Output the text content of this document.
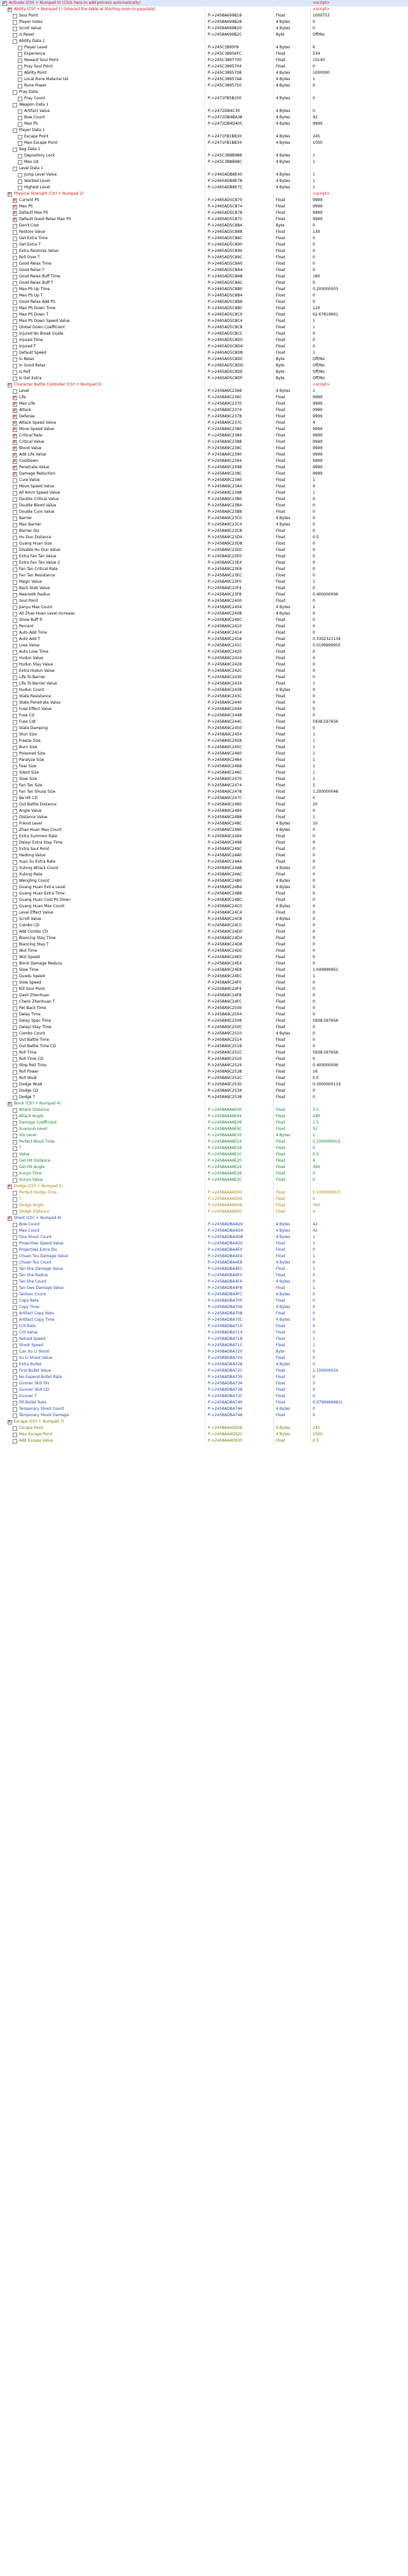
✕
Activate (Ctrl + Numpad 0) (Click here to add process automatically)	<script>
✕
Ability (Ctrl + Numpad 1) (Interact the table at Starting room to populate)	<script>
Soul Point	P->2458A699B18	Float	1000753
Player Index	P->2458A699B28	4 Bytes	0
Scroll Value	P->2458A699B20	4 Bytes	0
Is Reset	P->2458A699B2C	Byte	Off/No
Ability Data 1
Player Level	P->245C3895F8	4 Bytes	6
Experience	P->245C38956FC	Float	534
Reward Soul Point	P->245C3897700	Float	10140
Pray Soul Point	P->245C3895704	Float	0
Ability Point	P->245C3895708	4 Bytes	1000000
Local Rune Material Ud	P->245C389574A	4 Bytes	1
Rune Power	P->245C3895750	4 Bytes	0
Pray Data
Pray Count	P->2471FB5B200	4 Bytes	0
Weapon Data 1
Artifact Value	P->2472DB4C30	4 Bytes	0
Bow Count	P->2472DB4BA38	4 Bytes	42
Max PS	P->2472DB4D40C	4 Bytes	9999
Player Data 1
Escape Point	P->2471FB1BB30	4 Bytes	245
Max Escape Point	P->2471FB1BB34	4 Bytes	1000
Bag Data 1
Depository Lock	P->245C3B8B988	4 Bytes	1
Max Ud	P->245C3B8B98C	4 Bytes	1
Level Data 1
Jump Level Value	P->2465ADB8E40	4 Bytes	1
Wanted Level	P->2465ADB8E78	4 Bytes	1
Highest Level	P->2465ADB8E7C	4 Bytes	1
✕
Physical Strength (Ctrl + Numpad 2)	<script>
✕
Current PS	P->2465AD5C870	Float	9999
✕
Max PS	P->2465AD5C874	Float	9999
✕
Default Max PS	P->2465AD5C878	Float	9999
✕
Default Good Relax Max PS	P->2465AD5C87C	Float	9999
Don't Cost	P->2465AD5C884	Byte	0
Restore Value	P->2465AD5C888	Float	130
Get Extra Time	P->2465AD5C88C	Float	0
Get Extra T	P->2465AD5C890	Float	0
Extra Restores Value	P->2465AD5C894	Float	0
Roll Over T	P->2465AD5C89C	Float	0
Good Relax Time	P->2465AD5C8A0	Float	0
Good Relax T	P->2465AD5C8A4	Float	0
Good Relax Buff Time	P->2465AD5C8A8	Float	180
Good Relax Buff T	P->2465AD5C8AC	Float	0
Max PS Up Time	P->2465AD5C8B0	Float	0.200000003
Max PS Up T	P->2465AD5C8B4	Float	0
Good Relax Add PS	P->2465AD5C8B8	Float	0
Max PS Down Time	P->2465AD5C8BC	Float	120
Max PS Down T	P->2465AD5C8C0	Float	62.67819901
Max PS Down Speed Value	P->2465AD5C8C4	Float	1
Global Down Coefficient	P->2465AD5C8C8	Float	1
Injured No Break Guide	P->2465AD5C8CC	Float	0
Injured Time	P->2465AD5C8D0	Float	0
Injured T	P->2465AD5C8D4	Float	0
Default Speed	P->2465AD5C8D8	Float	1
In Relax	P->2465AD5C8DC	Byte	Off/No
In Good Relax	P->2465AD5C8DD	Byte	Off/No
Is Roll	P->2465AD5C8DE	Byte	Off/No
Is Get Extra	P->2465AD5C8DF	Byte	Off/No
✕
Character Battle Controller (Ctrl + Numpad 3)	<script>
Level	P->2458A9C2368	4 Bytes	1
✕
Life	P->2458A9C236C	Float	9999
✕
Max Life	P->2458A9C2370	Float	9999
✕
Attack	P->2458A9C2374	Float	9999
✕
Defense	P->2458A9C2378	Float	9999
✕
Attack Speed Value	P->2458A9C237C	Float	4
✕
Move Speed Value	P->2458A9C2380	Float	9999
✕
Critical Rate	P->2458A9C2384	Float	9999
✕
Critical Value	P->2458A9C2388	Float	9999
✕
Blood Value	P->2458A9C238C	Float	9999
✕
Add Life Value	P->2458A9C2390	Float	9999
✕
CoolDown	P->2458A9C2394	Float	9999
✕
Penetrate Value	P->2458A9C2398	Float	9999
✕
Damage Reduction	P->2458A9C239C	Float	9999
Cure Value	P->2458A9C23A0	Float	1
Move Speed Value	P->2458A9C23A4	Float	4
All Amm Speed Value	P->2458A9C23A8	Float	1
Double Critical Value	P->2458A9C23B0	Float	0
Double Blood Value	P->2458A9C23B4	Float	0
Double Cure Value	P->2458A9C23B8	Float	0
Barrier	P->2458A9C23C0	4 Bytes	0
Max Barrier	P->2458A9C23C4	4 Bytes	0
Barrier Dis	P->2458A9C23C8	Float	0
Hu Dun Distance	P->2458A9C23D4	Float	0.5
Guang Huan Size	P->2458A9C23D8	Float	0
Disable Hu Dun Value	P->2458A9C23DC	Float	0
Extra Fan Tan Value	P->2458A9C23E0	Float	0
Extra Fan Tan Value 2	P->2458A9C23E4	Float	0
Fan Tan Critical Rate	P->2458A9C23E8	Float	0
Fan Tan Resistance	P->2458A9C23EC	Float	0
Magic Value	P->2458A9C23F0	Float	1
Back Stab Value	P->2458A9C23F4	Float	0
Nearestk Radius	P->2458A9C23F8	Float	0.400000006
Soul Point	P->2458A9C2400	Float	0
Jianyu Max Count	P->2458A9C2404	4 Bytes	2
All Zhao Huan Level Increase	P->2458A9C2408	4 Bytes	0
Show Buff Tr	P->2458A9C240C	Float	0
Percent	P->2458A9C2410	Float	0
Auto Add Time	P->2458A9C2414	Float	0
Auto Add T	P->2458A9C2418	Float	0.3302321134
Lose Value	P->2458A9C241C	Float	0.0199999955
Auto Lose Time	P->2458A9C2420	Float	0
Hudun Value	P->2458A9C2424	Float	0
Hudun Stay Value	P->2458A9C2428	Float	0
Extra Hudun Value	P->2458A9C242C	Float	0
Life To Barrier	P->2458A9C2430	Float	0
Life To Barrier Value	P->2458A9C2434	Float	1
Hudun Count	P->2458A9C2438	4 Bytes	0
State Resistance	P->2458A9C243C	Float	0
State Penetrate Value	P->2458A9C2440	Float	0
Fuse Effect Value	P->2458A9C2444	Float	0
Fuse Cd	P->2458A9C2448	Float	0
Fuse Cdt	P->2458A9C244C	Float	5938.597656
State Damping	P->2458A9C2450	Float	0
Stun Size	P->2458A9C2454	Float	1
Freeze Size	P->2458A9C2458	Float	1
Burn Size	P->2458A9C245C	Float	1
Poisoned Size	P->2458A9C2460	Float	1
Paralyze Size	P->2458A9C2464	Float	1
Fear Size	P->2458A9C2468	Float	1
Silent Size	P->2458A9C246C	Float	1
Slow Size	P->2458A9C2470	Float	1
Fan Tan Size	P->2458A9C2474	Float	1
Fan Tan Shuiqi Size	P->2458A9C2478	Float	1.200000048
Be Hit CD	P->2458A9C247C	Float	0
Out Battle Distance	P->2458A9C2480	Float	20
Angle Value	P->2458A9C2484	Float	0
Distance Value	P->2458A9C2488	Float	1
Friend Level	P->2458A9C248C	4 Bytes	10
Zhao Huan Max Count	P->2458A9C2490	4 Bytes	0
Extra Summon Rate	P->2458A9C2494	Float	0
Delayi Extra Stay Time	P->2458A9C2498	Float	0
Extra Soul Point	P->2458A9C249C	Float	0
Hedong Value	P->2458A9C24A0	Float	0
Yuan Su Extra Rate	P->2458A9C24A4	Float	0
Xulong Attack Count	P->2458A9C24A8	4 Bytes	0
Xulong Rate	P->2458A9C24AC	Float	0
Wengling Count	P->2458A9C24B0	4 Bytes	0
Guang Huan Extra Level	P->2458A9C24B4	4 Bytes	0
Guang Huan Extra Time	P->2458A9C24B8	Float	0
Guang Huan Cost PS Down	P->2458A9C24BC	Float	0
Guang Huan Max Count	P->2458A9C24C0	4 Bytes	0
Level Effect Value	P->2458A9C24C4	Float	0
Scroll Value	P->2458A9C24C8	4 Bytes	0
Combo CD	P->2458A9C24CC	Float	0
Add Combo CD	P->2458A9C24D0	Float	0
Biancing Stay Time	P->2458A9C24D4	Float	0
Biancing Stay T	P->2458A9C24D8	Float	0
Wut Time	P->2458A9C24DC	Float	0
Wut Speed	P->2458A9C24E0	Float	0
Block Damage Reduce	P->2458A9C24E4	Float	0
Slow Time	P->2458A9C24E8	Float	1.049999952
Guodu Speed	P->2458A9C24EC	Float	1
Slow Speed	P->2458A9C24F0	Float	0
Kill Soul Point	P->2458A9C24F4	Float	0
Dash Zhenhuan	P->2458A9C24F8	Float	0
Check Zhenhuan T	P->2458A9C24FC	Float	0
Pet Back Time	P->2458A9C2500	Float	0
Delay Time	P->2458A9C2504	Float	0
Delay Spec Time	P->2458A9C2508	Float	5938.597656
Delayi Stay Time	P->2458A9C250C	Float	0
Combo Count	P->2458A9C2510	4 Bytes	0
Out Battle Time	P->2458A9C2514	Float	0
Out Battle Time CD	P->2458A9C2518	Float	0
Roll Time	P->2458A9C251C	Float	5938.597656
Roll Time CD	P->2458A9C2520	Float	0
Stop Roll Time	P->2458A9C2524	Float	0.400000006
Roll Power	P->2458A9C2528	Float	16
Roll Wudi	P->2458A9C252C	Float	0.5
Dodge Wudi	P->2458A9C2530	Float	0.3000000119
Dodge CD	P->2458A9C2534	Float	0
Dodge T	P->2458A9C2538	Float	0
✕
Block (Ctrl + Numpad 4)
Attack Distance	P->2458A4A6E00	Float	3.5
Attack Angle	P->2458A4A6E04	Float	240
Damage Coefficient	P->2458A4A6E08	Float	1.5
Xuanyun Level	P->2458A4A6E0C	Float	51
Xio Level	P->2458A4A6E10	4 Bytes	1
Perfect Block Time	P->2458A4A6E14	Float	0.1000000015
T	P->2458A4A6E18	Float	0
Value	P->2458A4A6E1C	Float	0.5
Get Hit Distance	P->2458A4A6E20	Float	4
Get Hit Angle	P->2458A4A6E24	Float	360
Xunyn Time	P->2458A4A6E28	Float	0
Xunyo Value	P->2458A4A6E2C	Float	0
✕
Dodge (Ctrl + Numpad 5)
Perfect Dodge Time	P->2458A4A6D00	Float	0.1000000015
T	P->2458A4A6D04	Float	0
Dodge Angle	P->2458A4A6D08	Float	360
Dodge Distance	P->2458A4A6D0C	Float	4
✕
Shoot (Ctrl + Numpad 6)
Bow Count	P->2458ADBA4D0	4 Bytes	42
Max Count	P->2458ADBA4D4	4 Bytes	42
One Shoot Count	P->2458ADBA4D8	4 Bytes	1
Projectiles Speed Value	P->2458ADBA4DC	Float	1
Projectiles Extra Dis	P->2458ADBA4E0	Float	0
Chuan Tou Damage Value	P->2458ADBA4E4	Float	1
Chuan Tou Count	P->2458ADBA4E8	4 Bytes	0
Tan She Damage Value	P->2458ADBA4EC	Float	1
Tan She Radius	P->2458ADBA4F0	Float	0
Tan She Count	P->2458ADBA4F4	4 Bytes	0
Tan Swo Damage Value	P->2458ADBA4F8	Float	1
Tantsoc Count	P->2458ADBA4FC	4 Bytes	0
Copy Rate	P->2458ADBA700	Float	0
Copy Time	P->2458ADBA704	4 Bytes	0
Artifact Copy Rate	P->2458ADBA708	Float	0
Artifact Copy Time	P->2458ADBA70C	4 Bytes	0
Crit Rate	P->2458ADBA710	Float	0
Crit Value	P->2458ADBA714	Float	0
Reload Speed	P->2458ADBA718	Float	1
Shoot Speed	P->2458ADBA71C	Float	1
Can Xu Li Shoot	P->2458ADBA720	Byte	0
Xu Li Shoot Value	P->2458ADBA724	Float	0
Extra Bullet	P->2458ADBA728	4 Bytes	0
First Bullet Value	P->2458ADBA72C	Float	1.100000024
No Expend Bullet Rate	P->2458ADBA730	Float	0
Gunner Skill Dis	P->2458ADBA734	Float	5
Gunner Skill CD	P->2458ADBA738	Float	0
Gunner T	P->2458ADBA73C	Float	0
Fill Bullet Rate	P->2458ADBA740	Float	0.07999999821
Temporary Shoot Count	P->2458ADBA744	4 Bytes	0
Temporary Shoot Damage	P->2458ADBA748	Float	0
✕
Escape (Ctrl + Numpad 7)
Escape Point	P->2458AA4D928	4 Bytes	245
Max Escape Point	P->2458AA4D92C	4 Bytes	1000
Add Escape Value	P->2458AA4D930	Float	0.5
